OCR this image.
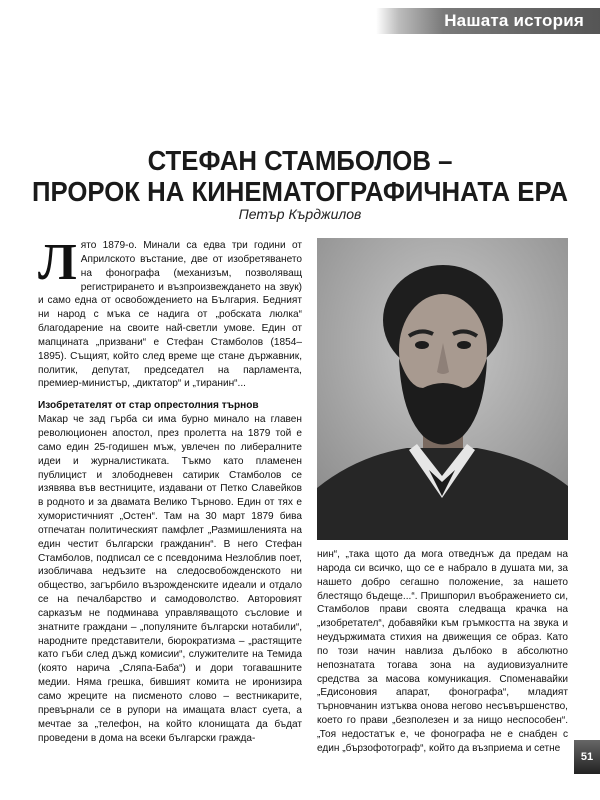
Нашата история
СТЕФАН СТАМБОЛОВ –
ПРОРОК НА КИНЕМАТОГРАФИЧНАТА ЕРА
Петър Кърджилов

Лято 1879-о. Минали са едва три години от Априлското въстание, две от изобретяването на фонографа (механизъм, позволяващ регистрирането и възпроизвеждането на звук) и само една от освобождението на България. Бедният ни народ с мъка се надига от „робската люлка“ благодарение на своите най-светли умове. Един от мапцината „призвани“ е Стефан Стамболов (1854–1895). Същият, който след време ще стане държавник, политик, депутат, председател на парламента, премиер-министър, „диктатор“ и „тиранин“...

Изобретателят от стар опрестолния търнов

Макар че зад гърба си има бурно минало на главен революционен апостол, през пролетта на 1879 той е само един 25-годишен мъж, увлечен по либералните идеи и журналистиката. Тъкмо като пламенен публицист и злободневен сатирик Стамболов се изявява във вестниците, издавани от Петко Славейков в родното и за двамата Велико Търново. Един от тях е хумористичният „Остен“. Там на 30 март 1879 бива отпечатан политическият памфлет „Размишленията на един честит български гражданин“. В него Стефан Стамболов, подписал се с псевдонима Незлоблив поет, изобличава недъзите на следосвобожденското ни общество, загърбило възрожденските идеали и отдало се на печалбарство и самодоволство. Авторовият сарказъм не подминава управляващото съсловие и знатните граждани – „популяните български нотабили“, народните представители, бюрократизма – „растящите като гъби след дъжд комисии“, служителите на Темида (която наричa „Сляпа-Баба“) и дори тогавашните медии. Няма грешка, бившият комита не иронизира само жреците на писменото слово – вестникарите, превърнали се в рупори на имащата власт суета, а мечтае за „телефон, на който клонищата да бъдат проведени в дома на всеки български гражда-

нин“, „така щото да мога отведнъж да предам на народа си всичко, що се е набрало в душата ми, за нашето добро сегашно положение, за нашето блестящо бъдеще...“. Пришпорил въображението си, Стамболов прави своята следваща крачка на „изобретател“, добавяйки към гръмкостта на звука и неудържимата стихия на движещия се образ. Като по този начин навлиза дълбоко в абсолютно непознатата тогава зона на аудиовизуалните средства за масова комуникация. Споменавайки „Едисоновия апарат, фонографа“, младият търновчанин изтъква онова негово несъвършенство, което го прави „безполезен и за нищо неспособен“. „Тоя недостатък е, че фонографа не е снабден с един „бързофотограф“, който да възприема и сетне

51
